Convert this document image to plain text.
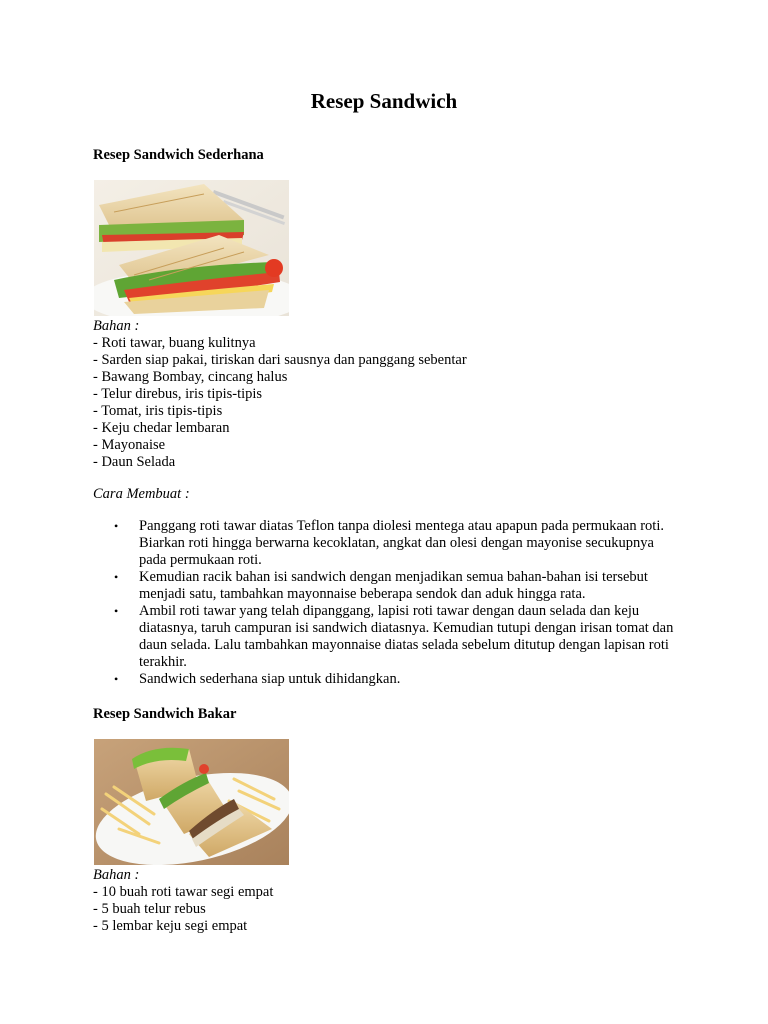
Resep Sandwich

Resep Sandwich Sederhana

Bahan :
- Roti tawar, buang kulitnya
- Sarden siap pakai, tiriskan dari sausnya dan panggang sebentar
- Bawang Bombay, cincang halus
- Telur direbus, iris tipis-tipis
- Tomat, iris tipis-tipis
- Keju chedar lembaran
- Mayonaise
- Daun Selada
Cara Membuat :
• Panggang roti tawar diatas Teflon tanpa diolesi mentega atau apapun pada permukaan roti. Biarkan roti hingga berwarna kecoklatan, angkat dan olesi dengan mayonise secukupnya pada permukaan roti.
• Kemudian racik bahan isi sandwich dengan menjadikan semua bahan-bahan isi tersebut menjadi satu, tambahkan mayonnaise beberapa sendok dan aduk hingga rata.
• Ambil roti tawar yang telah dipanggang, lapisi roti tawar dengan daun selada dan keju diatasnya, taruh campuran isi sandwich diatasnya. Kemudian tutupi dengan irisan tomat dan daun selada. Lalu tambahkan mayonnaise diatas selada sebelum ditutup dengan lapisan roti terakhir.
• Sandwich sederhana siap untuk dihidangkan.

Resep Sandwich Bakar

Bahan :
- 10 buah roti tawar segi empat
- 5 buah telur rebus
- 5 lembar keju segi empat
